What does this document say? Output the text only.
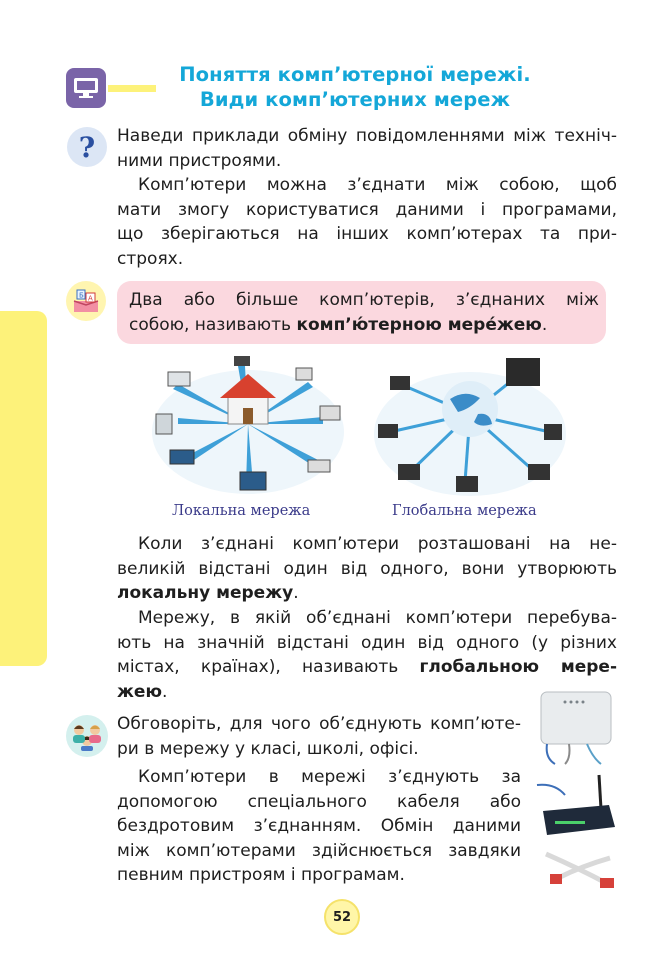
Поняття комп’ютерної мережі.
Види комп’ютерних мереж
? Наведи приклади обміну повідомленнями між техніч-
ними пристроями.

Комп’ютери можна з’єднати між собою, щоб
мати змогу користуватися даними і програмами,
що зберігаються на інших комп’ютерах та при-
строях.

Б А Два або більше комп’ютерів, з’єднаних між
собою, називають комп’ю́терною мере́жею.

Локальна мережа	Глобальна мережа

Коли з’єднані комп’ютери розташовані на не-
великій відстані один від одного, вони утворюють
локальну мережу.

Мережу, в якій об’єднані комп’ютери перебува-
ють на значній відстані один від одного (у різних
містах, країнах), називають глобальною мере-
жею.

Обговоріть, для чого об’єднують комп’юте-
ри в мережу у класі, школі, офісі.

Комп’ютери в мережі з’єднують за
допомогою спеціального кабеля або
бездротовим з’єднанням. Обмін даними
між комп’ютерами здійснюється завдяки
певним пристроям і програмам.

52
